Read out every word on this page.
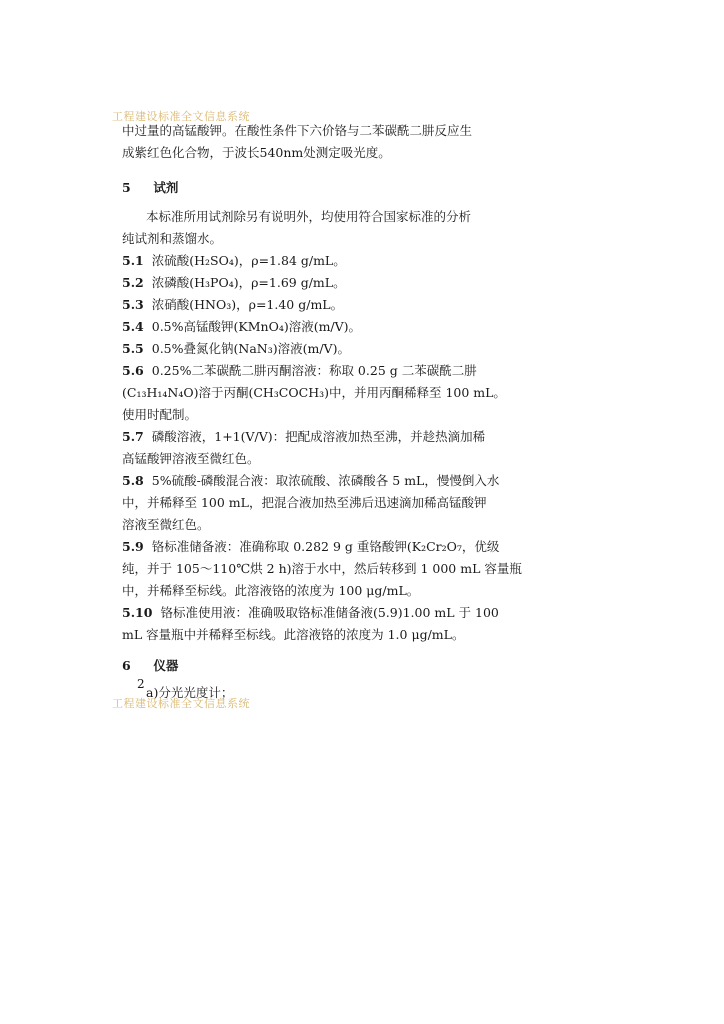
工程建设标准全文信息系统

中过量的高锰酸钾。在酸性条件下六价铬与二苯碳酰二肼反应生

成紫红色化合物，于波长540nm处测定吸光度。

5 试剂

本标准所用试剂除另有说明外，均使用符合国家标准的分析

纯试剂和蒸馏水。

5.1 浓硫酸(H₂SO₄)，ρ=1.84 g/mL。

5.2 浓磷酸(H₃PO₄)，ρ=1.69 g/mL。

5.3 浓硝酸(HNO₃)，ρ=1.40 g/mL。

5.4 0.5%高锰酸钾(KMnO₄)溶液(m/V)。

5.5 0.5%叠氮化钠(NaN₃)溶液(m/V)。

5.6 0.25%二苯碳酰二肼丙酮溶液：称取 0.25 g 二苯碳酰二肼

(C₁₃H₁₄N₄O)溶于丙酮(CH₃COCH₃)中，并用丙酮稀释至 100 mL。

使用时配制。

5.7 磷酸溶液，1+1(V/V)：把配成溶液加热至沸，并趁热滴加稀

高锰酸钾溶液至微红色。

5.8 5%硫酸-磷酸混合液：取浓硫酸、浓磷酸各 5 mL，慢慢倒入水

中，并稀释至 100 mL，把混合液加热至沸后迅速滴加稀高锰酸钾

溶液至微红色。

5.9 铬标准储备液：准确称取 0.282 9 g 重铬酸钾(K₂Cr₂O₇，优级

纯，并于 105～110℃烘 2 h)溶于水中，然后转移到 1 000 mL 容量瓶

中，并稀释至标线。此溶液铬的浓度为 100 μg/mL。

5.10 铬标准使用液：准确吸取铬标准储备液(5.9)1.00 mL 于 100

mL 容量瓶中并稀释至标线。此溶液铬的浓度为 1.0 μg/mL。

6 仪器

a)分光光度计；

2
工程建设标准全文信息系统
